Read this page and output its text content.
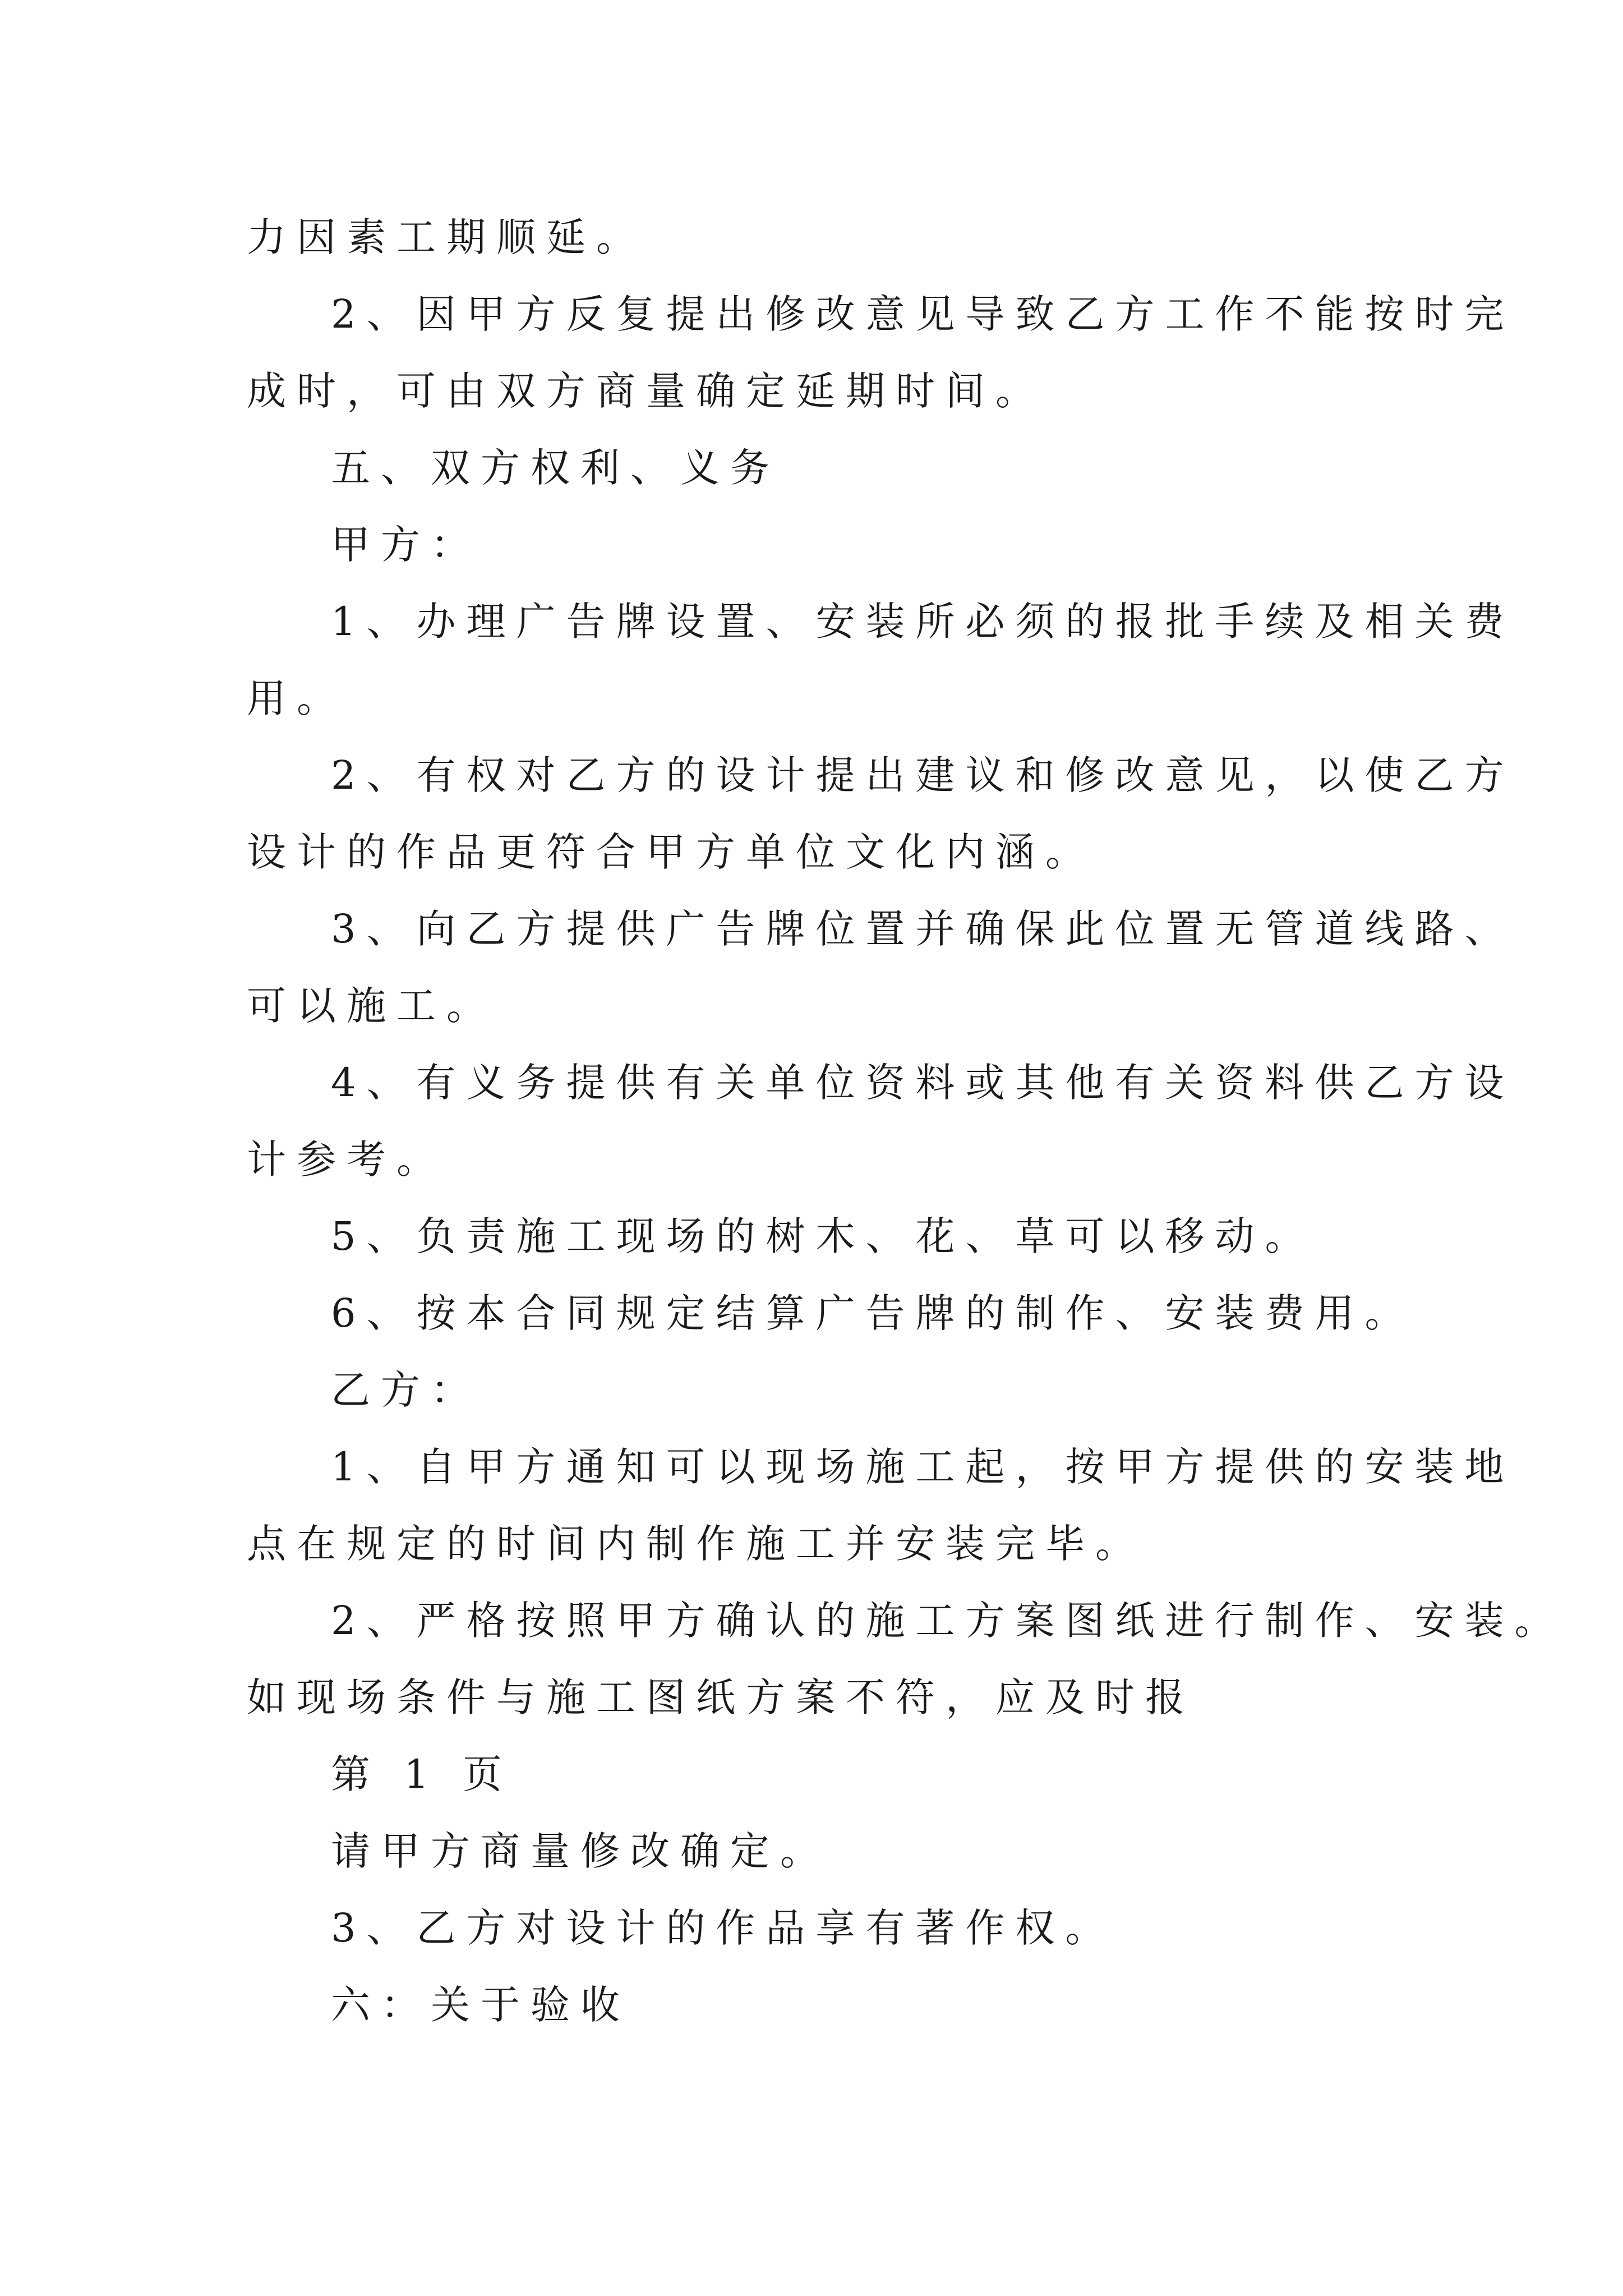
力因素工期顺延。

2、因甲方反复提出修改意见导致乙方工作不能按时完

成时，可由双方商量确定延期时间。

五、双方权利、义务

甲方：

1、办理广告牌设置、安装所必须的报批手续及相关费

用。

2、有权对乙方的设计提出建议和修改意见，以使乙方

设计的作品更符合甲方单位文化内涵。

3、向乙方提供广告牌位置并确保此位置无管道线路、

可以施工。

4、有义务提供有关单位资料或其他有关资料供乙方设

计参考。

5、负责施工现场的树木、花、草可以移动。

6、按本合同规定结算广告牌的制作、安装费用。

乙方：

1、自甲方通知可以现场施工起，按甲方提供的安装地

点在规定的时间内制作施工并安装完毕。

2、严格按照甲方确认的施工方案图纸进行制作、安装。

如现场条件与施工图纸方案不符，应及时报

第 1 页

请甲方商量修改确定。

3、乙方对设计的作品享有著作权。

六：关于验收
